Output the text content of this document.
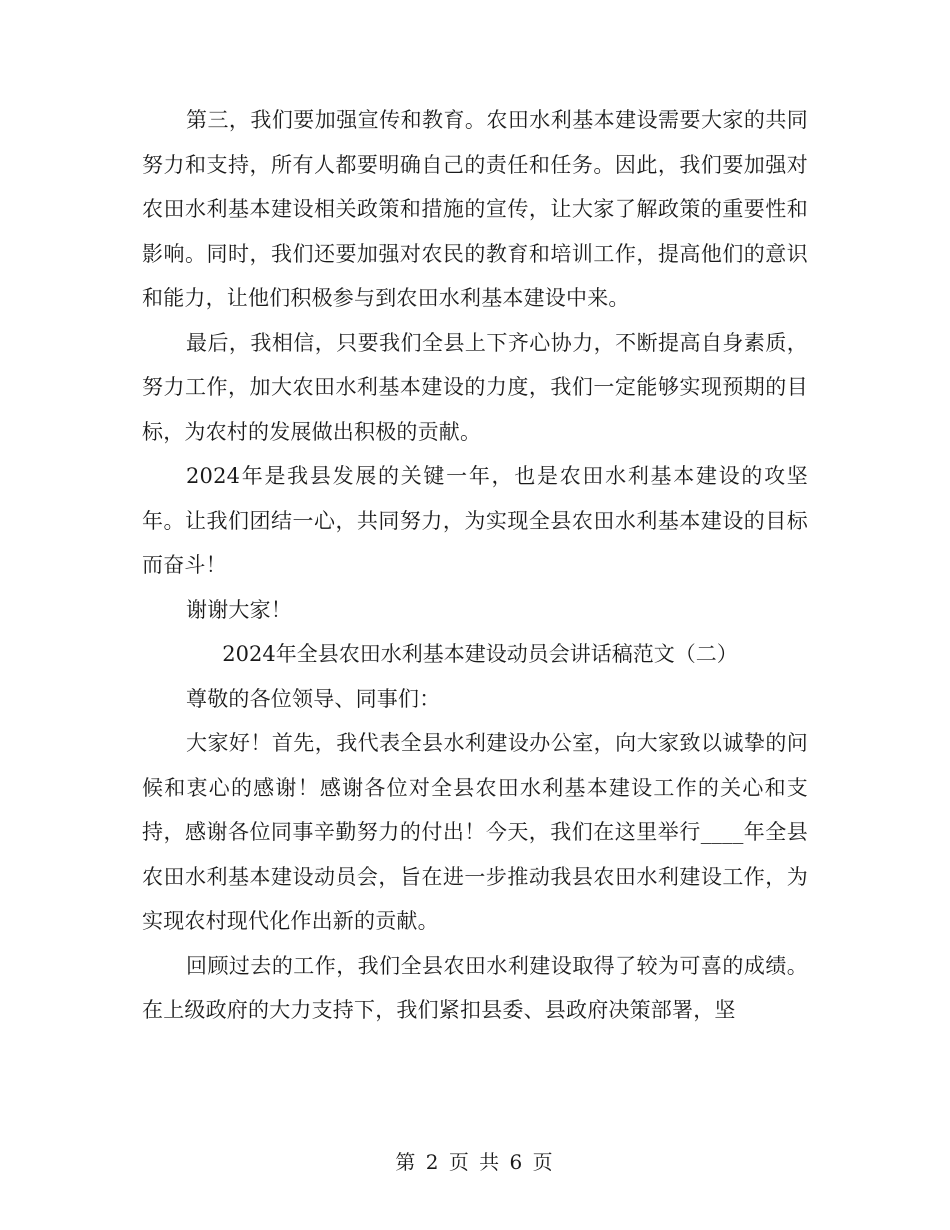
第三，我们要加强宣传和教育。农田水利基本建设需要大家的共同努力和支持，所有人都要明确自己的责任和任务。因此，我们要加强对农田水利基本建设相关政策和措施的宣传，让大家了解政策的重要性和影响。同时，我们还要加强对农民的教育和培训工作，提高他们的意识和能力，让他们积极参与到农田水利基本建设中来。

最后，我相信，只要我们全县上下齐心协力，不断提高自身素质，努力工作，加大农田水利基本建设的力度，我们一定能够实现预期的目标，为农村的发展做出积极的贡献。

2024年是我县发展的关键一年，也是农田水利基本建设的攻坚年。让我们团结一心，共同努力，为实现全县农田水利基本建设的目标而奋斗！

谢谢大家！

2024年全县农田水利基本建设动员会讲话稿范文（二）

尊敬的各位领导、同事们：

大家好！首先，我代表全县水利建设办公室，向大家致以诚挚的问候和衷心的感谢！感谢各位对全县农田水利基本建设工作的关心和支持，感谢各位同事辛勤努力的付出！今天，我们在这里举行____年全县农田水利基本建设动员会，旨在进一步推动我县农田水利建设工作，为实现农村现代化作出新的贡献。

回顾过去的工作，我们全县农田水利建设取得了较为可喜的成绩。在上级政府的大力支持下，我们紧扣县委、县政府决策部署，坚

第 2 页 共 6 页
